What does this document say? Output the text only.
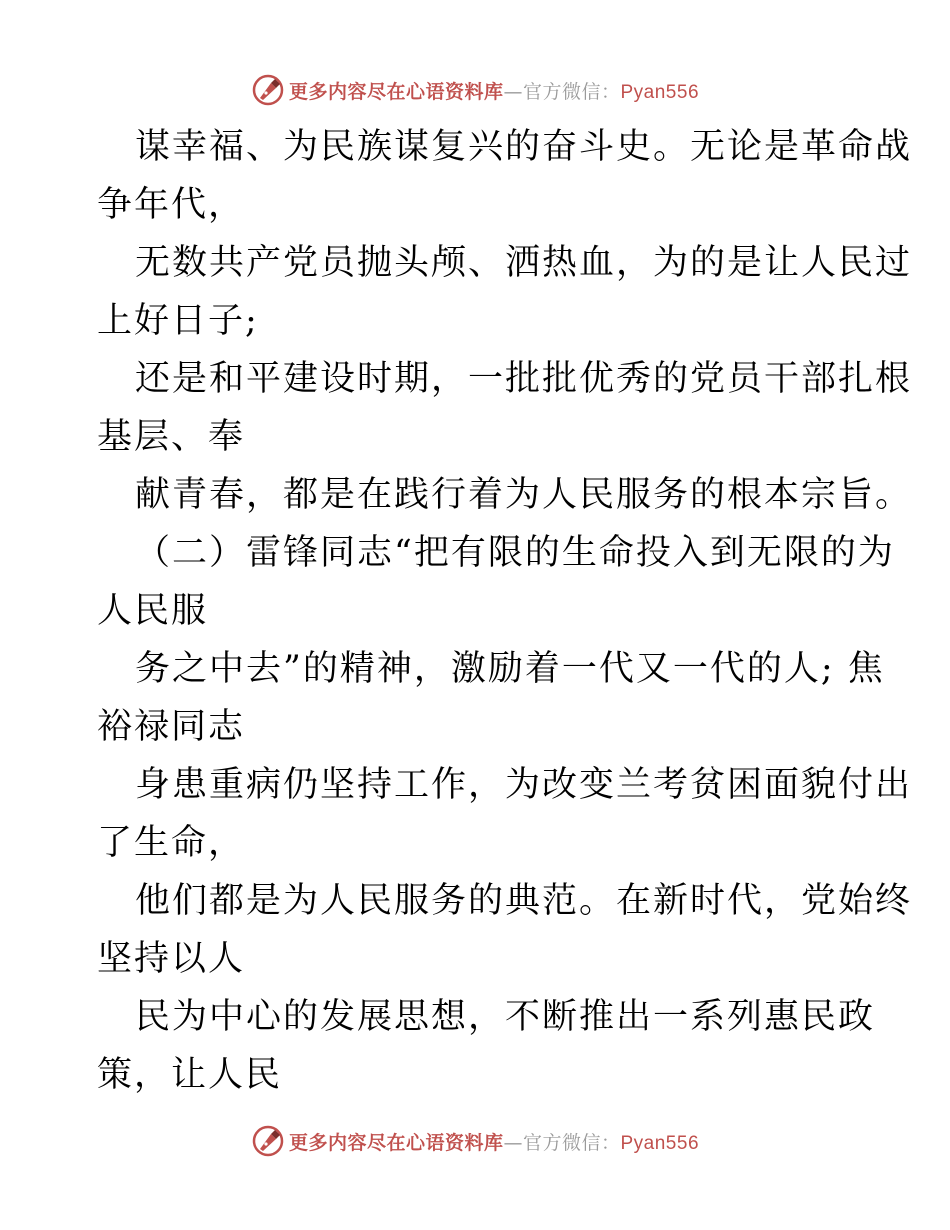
更多内容尽在心语资料库—官方微信：Pyan556
谋幸福、为民族谋复兴的奋斗史。无论是革命战
争年代，
无数共产党员抛头颅、洒热血，为的是让人民过
上好日子;
还是和平建设时期，一批批优秀的党员干部扎根
基层、奉
献青春，都是在践行着为人民服务的根本宗旨。
（二）雷锋同志“把有限的生命投入到无限的为
人民服
务之中去”的精神，激励着一代又一代的人; 焦
裕禄同志
身患重病仍坚持工作，为改变兰考贫困面貌付出
了生命，
他们都是为人民服务的典范。在新时代，党始终
坚持以人
民为中心的发展思想，不断推出一系列惠民政
策，让人民
更多内容尽在心语资料库—官方微信：Pyan556
